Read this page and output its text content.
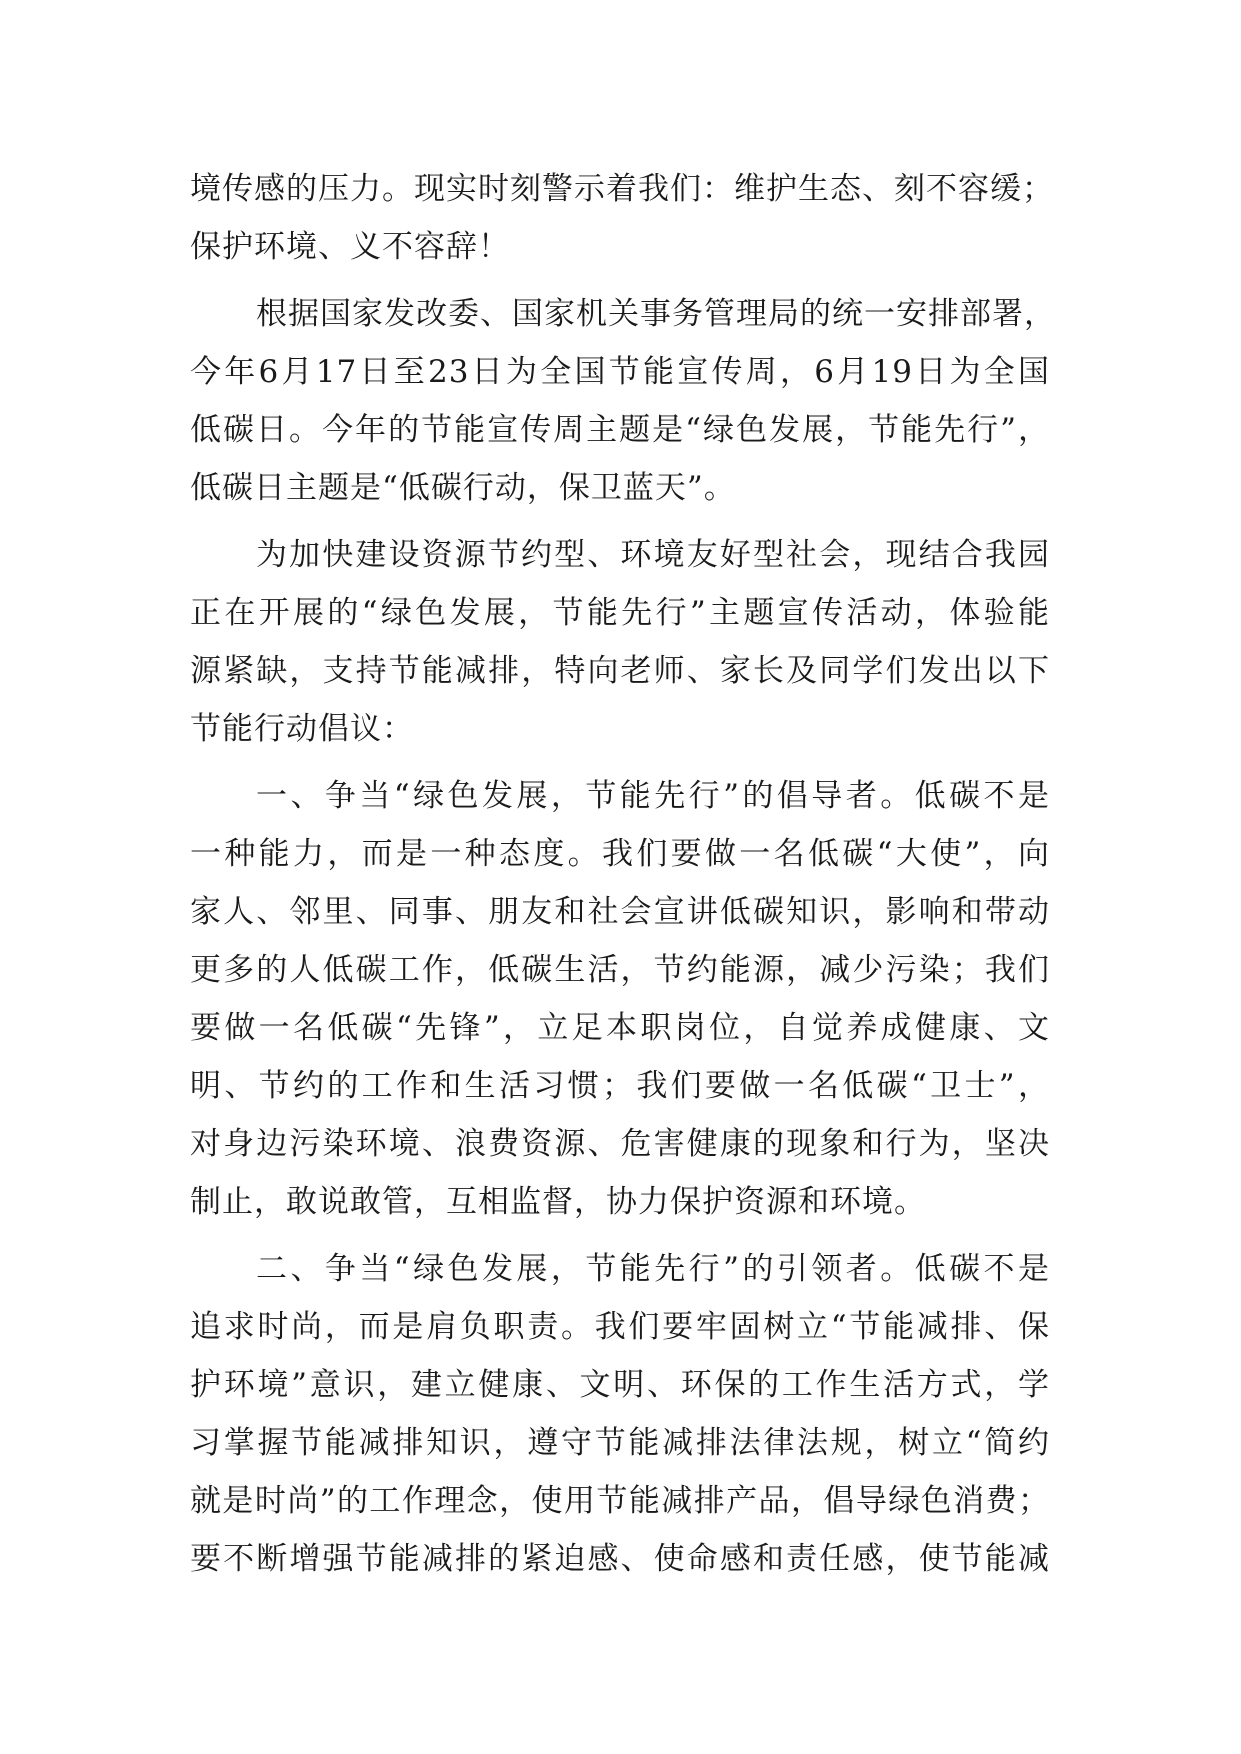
境传感的压力。现实时刻警示着我们：维护生态、刻不容缓；
保护环境、义不容辞！
根据国家发改委、国家机关事务管理局的统一安排部署，
今年6月17日至23日为全国节能宣传周，6月19日为全国
低碳日。今年的节能宣传周主题是“绿色发展，节能先行”，
低碳日主题是“低碳行动，保卫蓝天”。
为加快建设资源节约型、环境友好型社会，现结合我园
正在开展的“绿色发展，节能先行”主题宣传活动，体验能
源紧缺，支持节能减排，特向老师、家长及同学们发出以下
节能行动倡议：
一、争当“绿色发展，节能先行”的倡导者。低碳不是
一种能力，而是一种态度。我们要做一名低碳“大使”，向
家人、邻里、同事、朋友和社会宣讲低碳知识，影响和带动
更多的人低碳工作，低碳生活，节约能源，减少污染；我们
要做一名低碳“先锋”，立足本职岗位，自觉养成健康、文
明、节约的工作和生活习惯；我们要做一名低碳“卫士”，
对身边污染环境、浪费资源、危害健康的现象和行为，坚决
制止，敢说敢管，互相监督，协力保护资源和环境。
二、争当“绿色发展，节能先行”的引领者。低碳不是
追求时尚，而是肩负职责。我们要牢固树立“节能减排、保
护环境”意识，建立健康、文明、环保的工作生活方式，学
习掌握节能减排知识，遵守节能减排法律法规，树立“简约
就是时尚”的工作理念，使用节能减排产品，倡导绿色消费；
要不断增强节能减排的紧迫感、使命感和责任感，使节能减
